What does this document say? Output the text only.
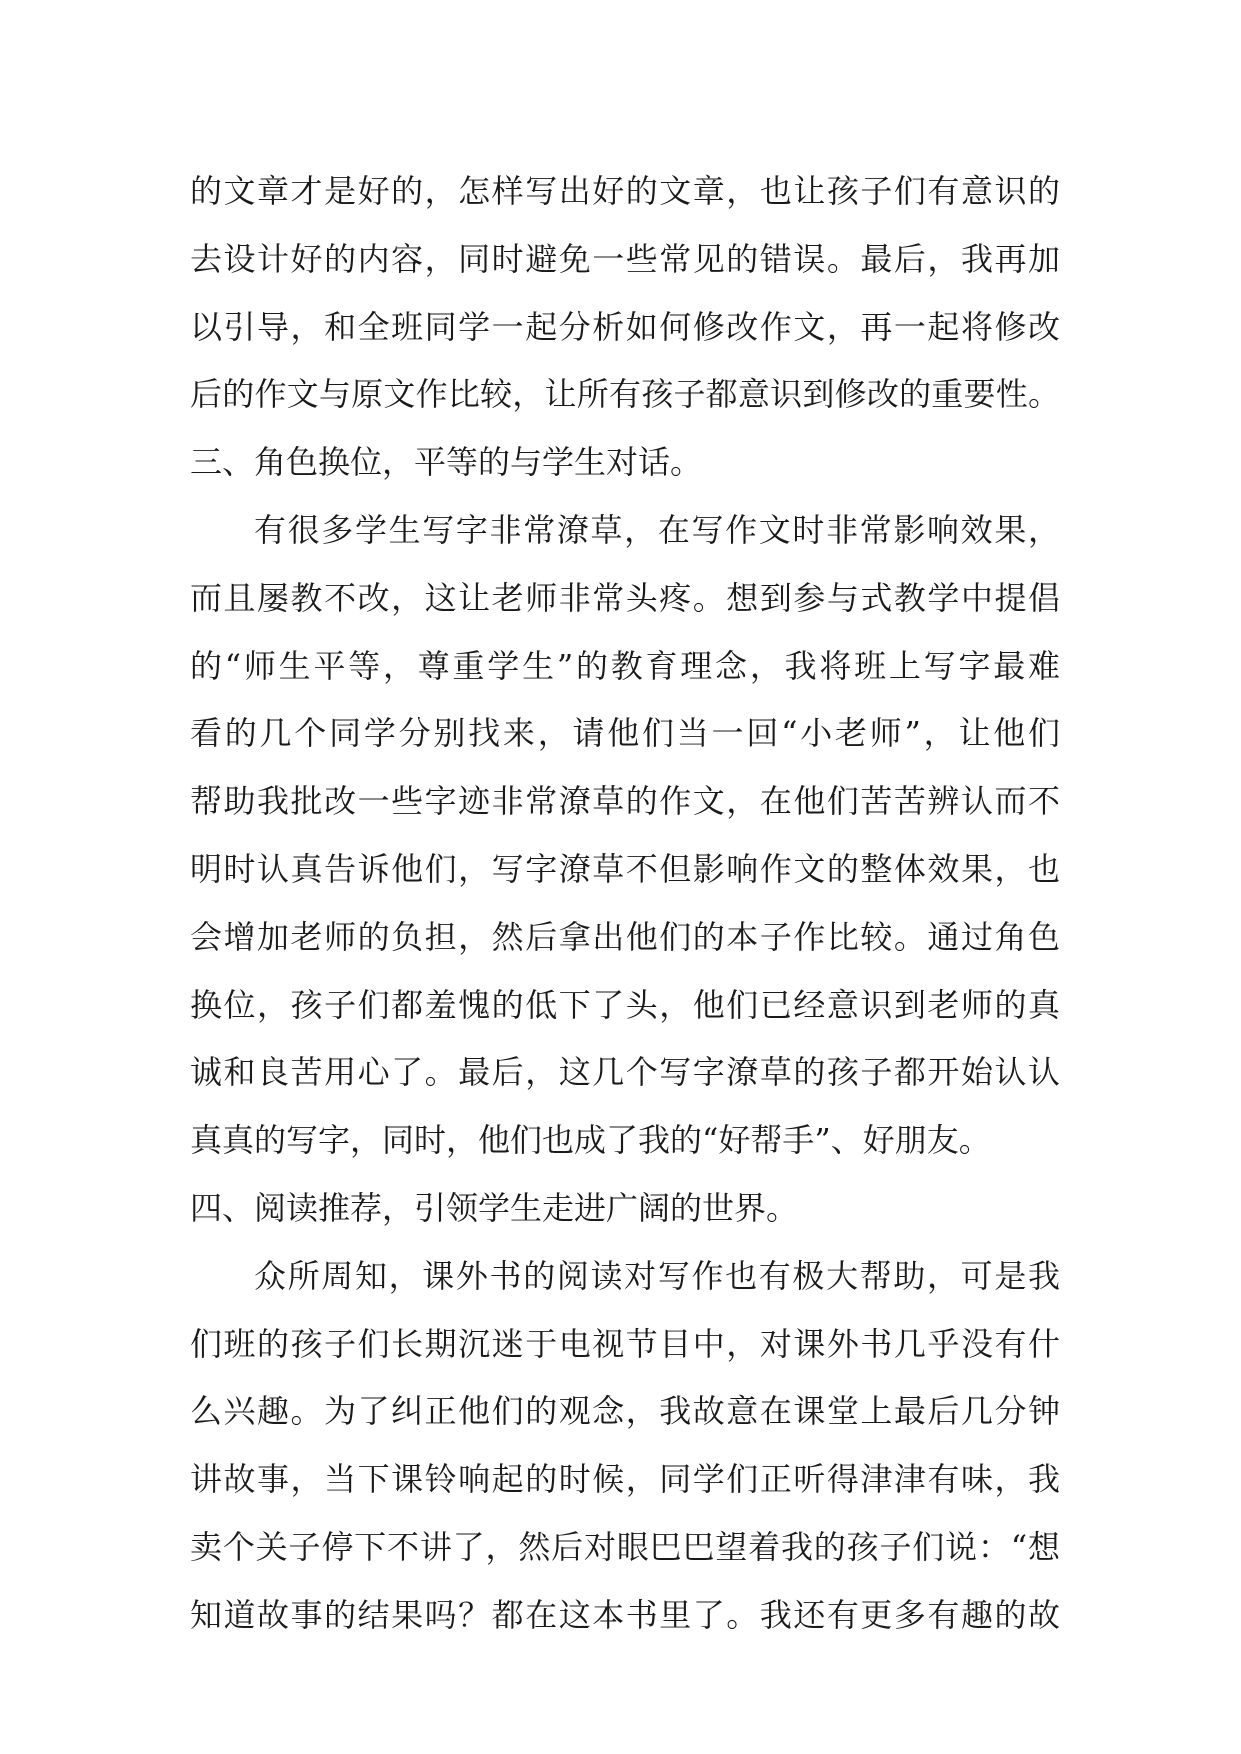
的文章才是好的，怎样写出好的文章，也让孩子们有意识的
去设计好的内容，同时避免一些常见的错误。最后，我再加
以引导，和全班同学一起分析如何修改作文，再一起将修改
后的作文与原文作比较，让所有孩子都意识到修改的重要性。
三、角色换位，平等的与学生对话。
有很多学生写字非常潦草，在写作文时非常影响效果，
而且屡教不改，这让老师非常头疼。想到参与式教学中提倡
的“师生平等，尊重学生”的教育理念，我将班上写字最难
看的几个同学分别找来，请他们当一回“小老师”，让他们
帮助我批改一些字迹非常潦草的作文，在他们苦苦辨认而不
明时认真告诉他们，写字潦草不但影响作文的整体效果，也
会增加老师的负担，然后拿出他们的本子作比较。通过角色
换位，孩子们都羞愧的低下了头，他们已经意识到老师的真
诚和良苦用心了。最后，这几个写字潦草的孩子都开始认认
真真的写字，同时，他们也成了我的“好帮手”、好朋友。
四、阅读推荐，引领学生走进广阔的世界。
众所周知，课外书的阅读对写作也有极大帮助，可是我
们班的孩子们长期沉迷于电视节目中，对课外书几乎没有什
么兴趣。为了纠正他们的观念，我故意在课堂上最后几分钟
讲故事，当下课铃响起的时候，同学们正听得津津有味，我
卖个关子停下不讲了，然后对眼巴巴望着我的孩子们说：“想
知道故事的结果吗？都在这本书里了。我还有更多有趣的故
